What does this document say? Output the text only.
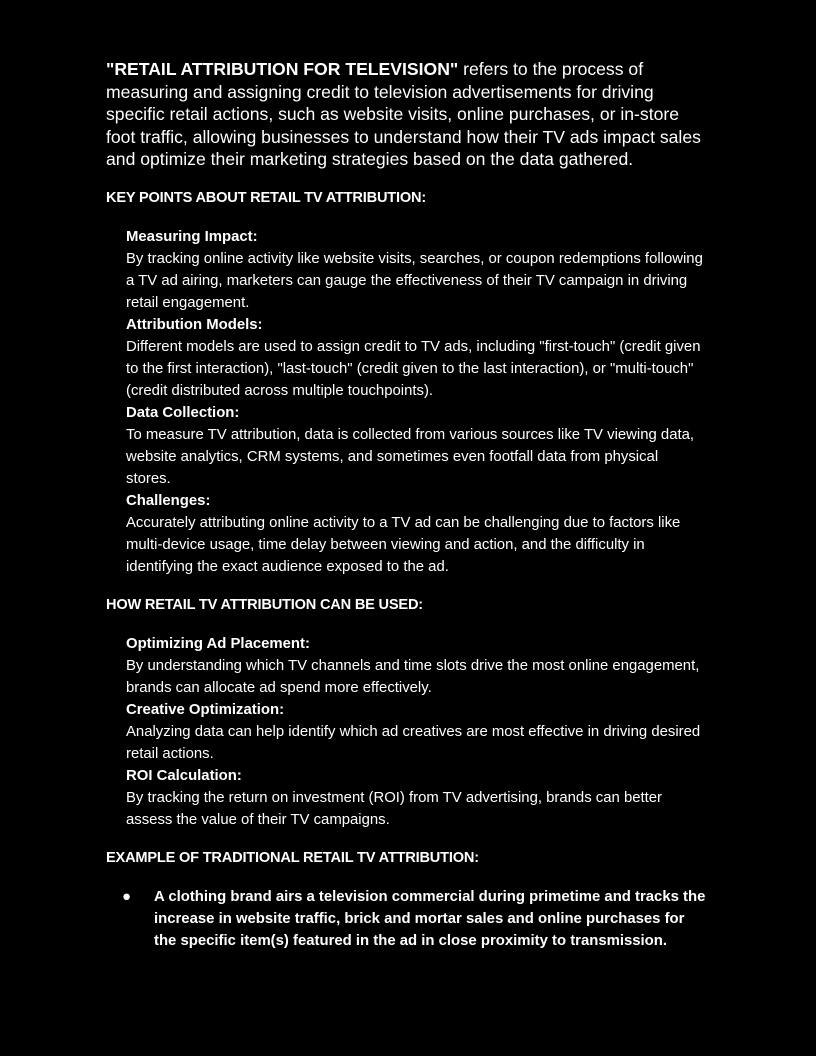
"RETAIL ATTRIBUTION FOR TELEVISION" refers to the process of measuring and assigning credit to television advertisements for driving specific retail actions, such as website visits, online purchases, or in-store foot traffic, allowing businesses to understand how their TV ads impact sales and optimize their marketing strategies based on the data gathered.

KEY POINTS ABOUT RETAIL TV ATTRIBUTION:
Measuring Impact:
By tracking online activity like website visits, searches, or coupon redemptions following a TV ad airing, marketers can gauge the effectiveness of their TV campaign in driving retail engagement.
Attribution Models:
Different models are used to assign credit to TV ads, including "first-touch" (credit given to the first interaction), "last-touch" (credit given to the last interaction), or "multi-touch" (credit distributed across multiple touchpoints).
Data Collection:
To measure TV attribution, data is collected from various sources like TV viewing data, website analytics, CRM systems, and sometimes even footfall data from physical stores.
Challenges:
Accurately attributing online activity to a TV ad can be challenging due to factors like multi-device usage, time delay between viewing and action, and the difficulty in identifying the exact audience exposed to the ad.
HOW RETAIL TV ATTRIBUTION CAN BE USED:
Optimizing Ad Placement:
By understanding which TV channels and time slots drive the most online engagement, brands can allocate ad spend more effectively.
Creative Optimization:
Analyzing data can help identify which ad creatives are most effective in driving desired retail actions.
ROI Calculation:
By tracking the return on investment (ROI) from TV advertising, brands can better assess the value of their TV campaigns.
EXAMPLE OF TRADITIONAL RETAIL TV ATTRIBUTION:
● A clothing brand airs a television commercial during primetime and tracks the increase in website traffic, brick and mortar sales and online purchases for the specific item(s) featured in the ad in close proximity to transmission.
